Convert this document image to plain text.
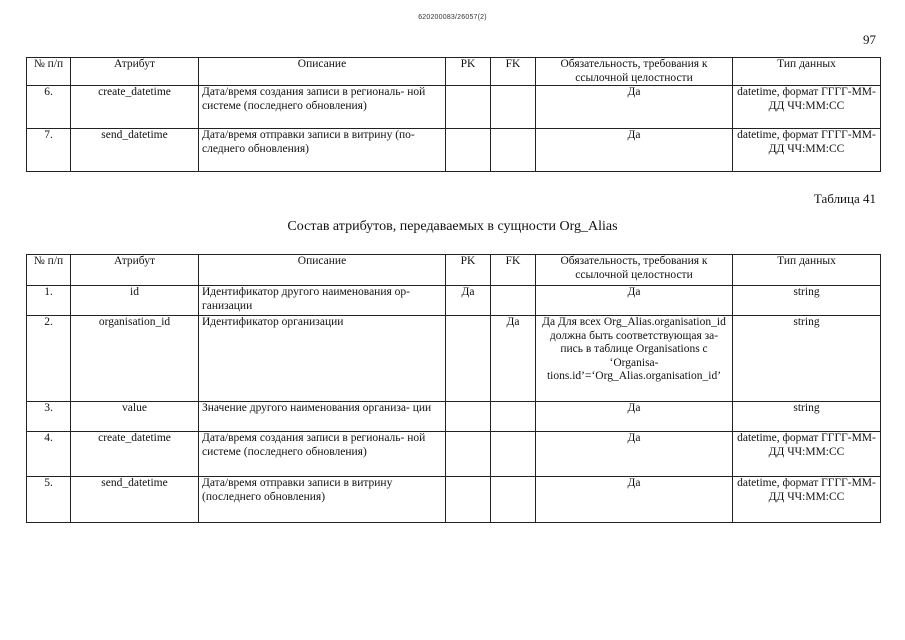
620200083/26057(2)
97
№ п/п	Атрибут	Описание	PK	FK	Обязательность, требования к ссылочной целостности	Тип данных
6.	create_datetime	Дата/время создания записи в региональ- ной системе (последнего обновления)			Да	datetime, формат ГГГГ-ММ-ДД ЧЧ:ММ:СС
7.	send_datetime	Дата/время отправки записи в витрину (по- следнего обновления)			Да	datetime, формат ГГГГ-ММ-ДД ЧЧ:ММ:СС
Таблица 41
Состав атрибутов, передаваемых в сущности Org_Alias
№ п/п	Атрибут	Описание	PK	FK	Обязательность, требования к ссылочной целостности	Тип данных
1.	id	Идентификатор другого наименования ор- ганизации	Да		Да	string
2.	organisation_id	Идентификатор организации		Да	Да Для всех Org_Alias.organisation_id должна быть соответствующая за- пись в таблице Organisations с ‘Organisa- tions.id’=‘Org_Alias.organisation_id’	string
3.	value	Значение другого наименования организа- ции			Да	string
4.	create_datetime	Дата/время создания записи в региональ- ной системе (последнего обновления)			Да	datetime, формат ГГГГ-ММ-ДД ЧЧ:ММ:СС
5.	send_datetime	Дата/время отправки записи в витрину (последнего обновления)			Да	datetime, формат ГГГГ-ММ-ДД ЧЧ:ММ:СС
